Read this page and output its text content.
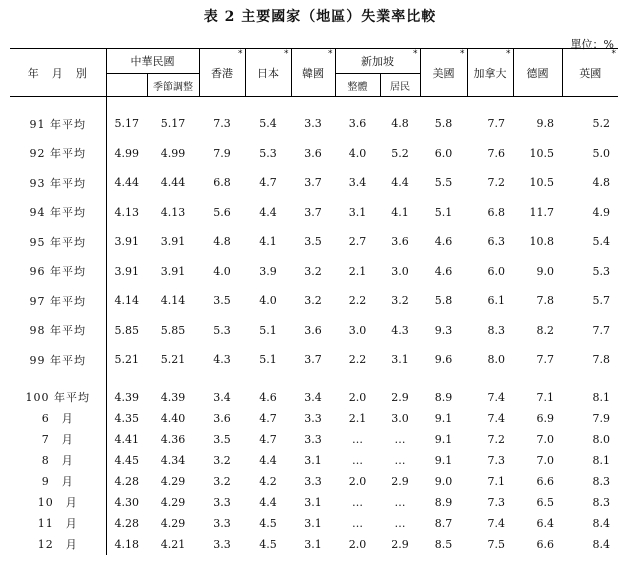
表 2 主要國家（地區）失業率比較
單位：%
年　月　別	中華民國		香港 *	日本 *	韓國 *	新加坡 *		美國 *	加拿大 *	德國	英國 *
		季節調整				整體	居民				

91 年平均	5.17	5.17	7.3	5.4	3.3	3.6	4.8	5.8	7.7	9.8	5.2
92 年平均	4.99	4.99	7.9	5.3	3.6	4.0	5.2	6.0	7.6	10.5	5.0
93 年平均	4.44	4.44	6.8	4.7	3.7	3.4	4.4	5.5	7.2	10.5	4.8
94 年平均	4.13	4.13	5.6	4.4	3.7	3.1	4.1	5.1	6.8	11.7	4.9
95 年平均	3.91	3.91	4.8	4.1	3.5	2.7	3.6	4.6	6.3	10.8	5.4
96 年平均	3.91	3.91	4.0	3.9	3.2	2.1	3.0	4.6	6.0	9.0	5.3
97 年平均	4.14	4.14	3.5	4.0	3.2	2.2	3.2	5.8	6.1	7.8	5.7
98 年平均	5.85	5.85	5.3	5.1	3.6	3.0	4.3	9.3	8.3	8.2	7.7
99 年平均	5.21	5.21	4.3	5.1	3.7	2.2	3.1	9.6	8.0	7.7	7.8

100 年平均	4.39	4.39	3.4	4.6	3.4	2.0	2.9	8.9	7.4	7.1	8.1
6　月	4.35	4.40	3.6	4.7	3.3	2.1	3.0	9.1	7.4	6.9	7.9
7　月	4.41	4.36	3.5	4.7	3.3	…	…	9.1	7.2	7.0	8.0
8　月	4.45	4.34	3.2	4.4	3.1	…	…	9.1	7.3	7.0	8.1
9　月	4.28	4.29	3.2	4.2	3.3	2.0	2.9	9.0	7.1	6.6	8.3
10　月	4.30	4.29	3.3	4.4	3.1	…	…	8.9	7.3	6.5	8.3
11　月	4.28	4.29	3.3	4.5	3.1	…	…	8.7	7.4	6.4	8.4
12　月	4.18	4.21	3.3	4.5	3.1	2.0	2.9	8.5	7.5	6.6	8.4
